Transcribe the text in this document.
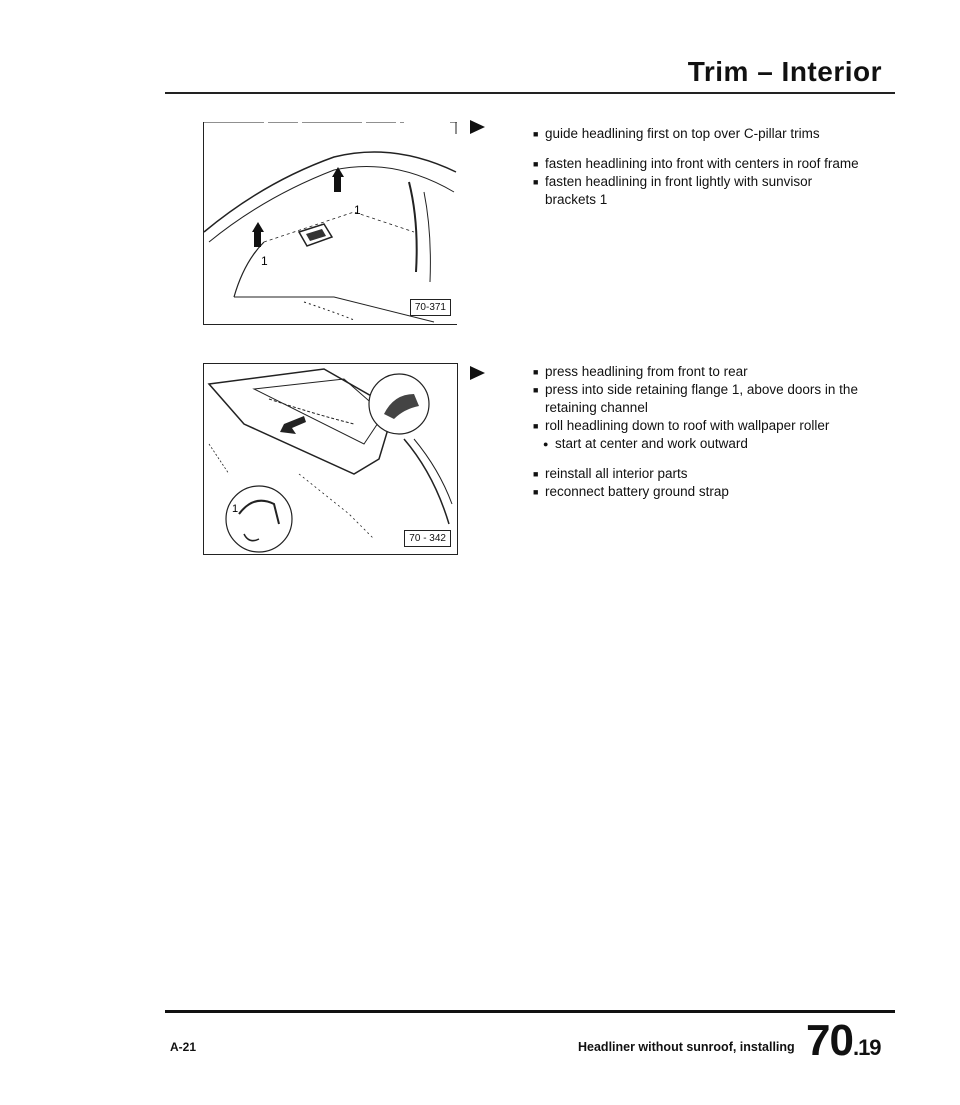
Trim – Interior
1
1
70-371
■ guide headlining first on top over C-pillar trims
■ fasten headlining into front with centers in roof frame
■ fasten headlining in front lightly with sunvisor brackets 1
1
70 - 342
■ press headlining from front to rear
■ press into side retaining flange 1, above doors in the retaining channel
■ roll headlining down to roof with wallpaper roller
● start at center and work outward
■ reinstall all interior parts
■ reconnect battery ground strap
A-21	Headliner without sunroof, installing 70.19
